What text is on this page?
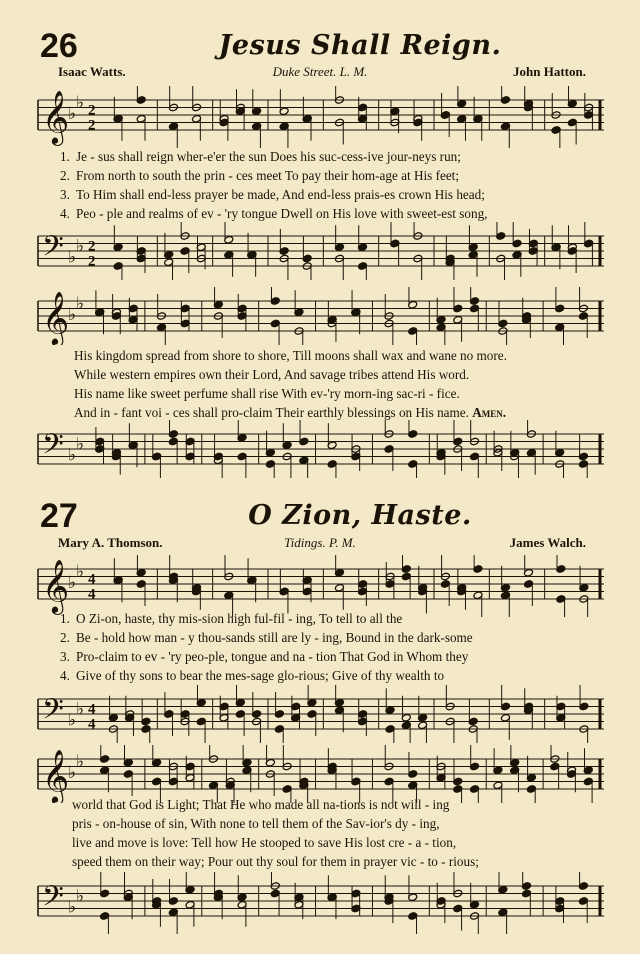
26	Jesus Shall Reign.
Isaac Watts.	Duke Street. L. M.	John Hatton.
𝄞
♭
♭ 2
2
1. Je - sus shall reign wher-e'er the sun Does his suc-cess-ive jour-neys run;
2. From north to south the prin - ces meet To pay their hom-age at His feet;
3. To Him shall end-less prayer be made, And end-less prais-es crown His head;
4. Peo - ple and realms of ev - 'ry tongue Dwell on His love with sweet-est song,
𝄢 ♭
♭ 2
2
𝄞
♭
♭
His kingdom spread from shore to shore, Till moons shall wax and wane no more.
While western empires own their Lord, And savage tribes attend His word.
His name like sweet perfume shall rise With ev-'ry morn-ing sac-ri - fice.
And in - fant voi - ces shall pro-claim Their earthly blessings on His name. Amen.
𝄢 ♭
♭
27	O Zion, Haste.
Mary A. Thomson.	Tidings. P. M.	James Walch.
𝄞
♭
♭ 4
4
1. O Zi-on, haste, thy mis-sion high ful-fil - ing, To tell to all the
2. Be - hold how man - y thou-sands still are ly - ing, Bound in the dark-some
3. Pro-claim to ev - 'ry peo-ple, tongue and na - tion That God in Whom they
4. Give of thy sons to bear the mes-sage glo-rious; Give of thy wealth to
𝄢 ♭
♭ 4
4
𝄞
♭
♭
world that God is Light; That He who made all na-tions is not will - ing
pris - on-house of sin, With none to tell them of the Sav-ior's dy - ing,
live and move is love: Tell how He stooped to save His lost cre - a - tion,
speed them on their way; Pour out thy soul for them in prayer vic - to - rious;
𝄢 ♭
♭
